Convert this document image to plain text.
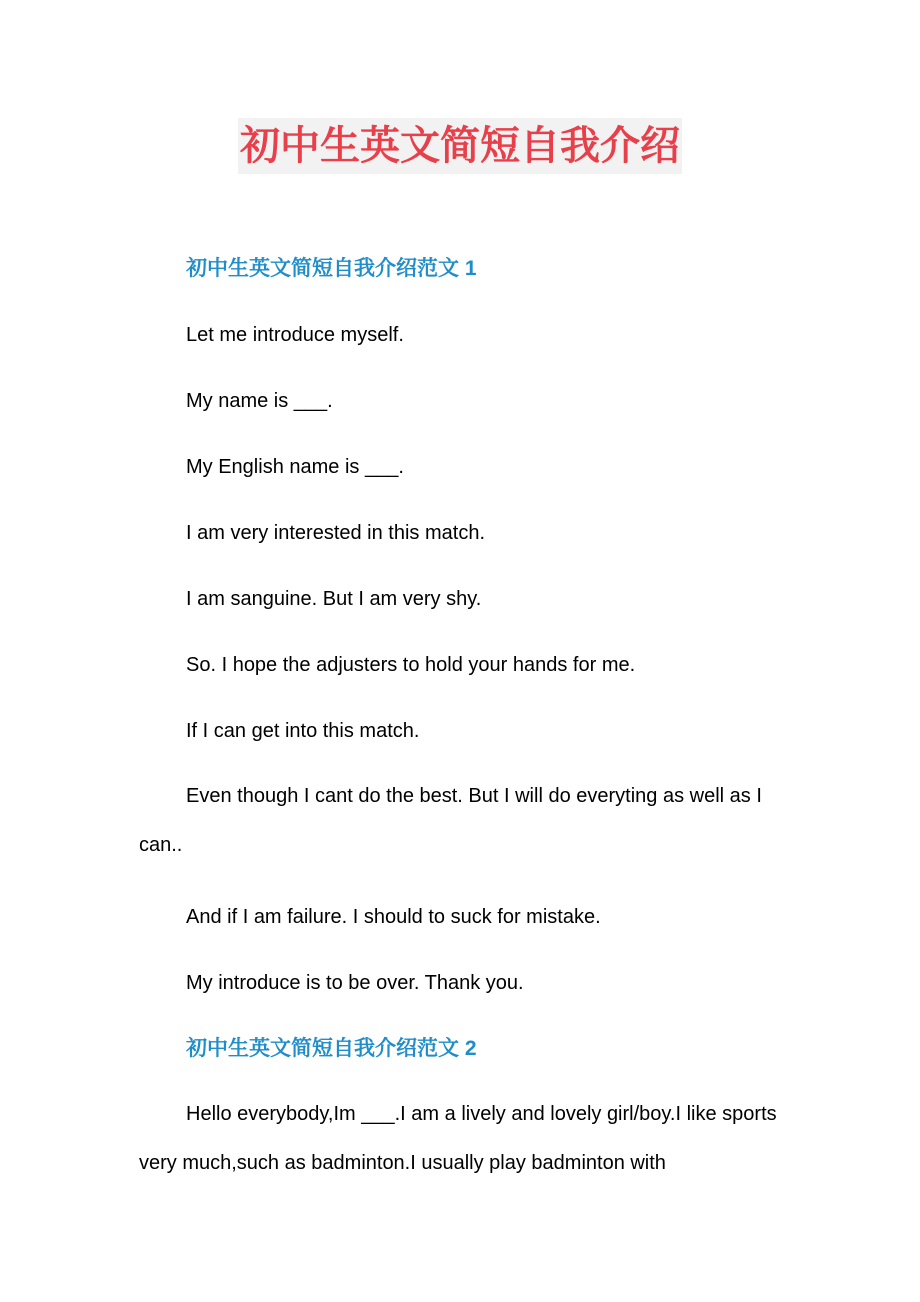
初中生英文简短自我介绍
初中生英文简短自我介绍范文 1

Let me introduce myself.

My name is ___.

My English name is ___.

I am very interested in this match.

I am sanguine. But I am very shy.

So. I hope the adjusters to hold your hands for me.

If I can get into this match.

Even though I cant do the best. But I will do everyting as well as I can..

And if I am failure. I should to suck for mistake.

My introduce is to be over. Thank you.

初中生英文简短自我介绍范文 2

Hello everybody,Im ___.I am a lively and lovely girl/boy.I like sports very much,such as badminton.I usually play badminton with
